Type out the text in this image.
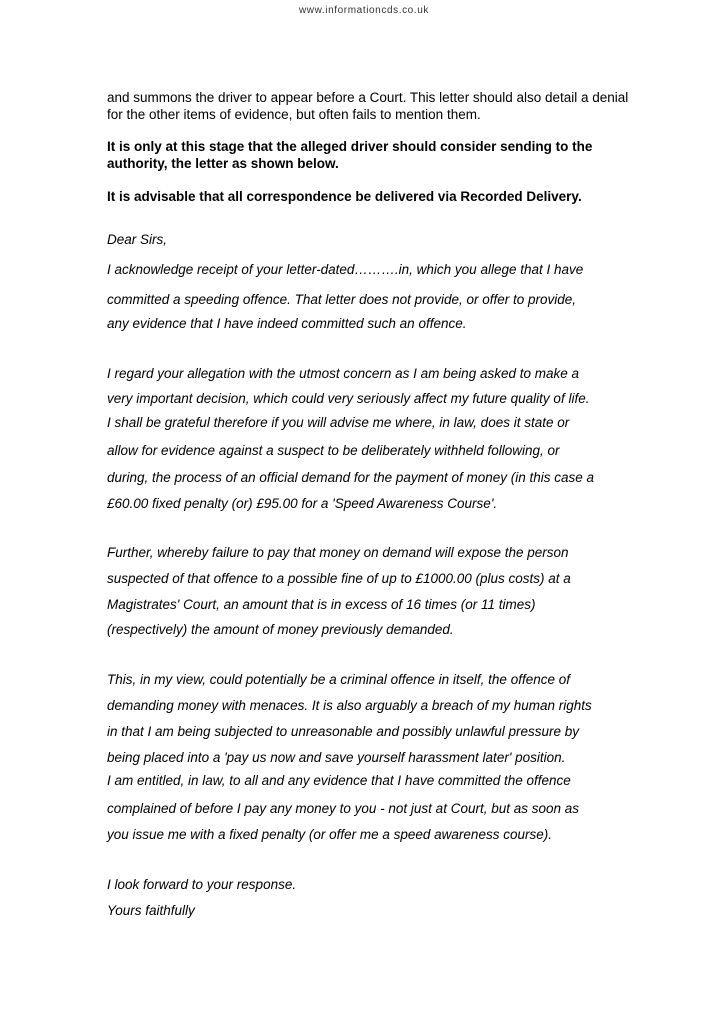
www.informationcds.co.uk

and summons the driver to appear before a Court. This letter should also detail a denial for the other items of evidence, but often fails to mention them.

It is only at this stage that the alleged driver should consider sending to the authority, the letter as shown below.

It is advisable that all correspondence be delivered via Recorded Delivery.

Dear Sirs,
I acknowledge receipt of your letter-dated……….in, which you allege that I have
committed a speeding offence. That letter does not provide, or offer to provide,
any evidence that I have indeed committed such an offence.
I regard your allegation with the utmost concern as I am being asked to make a
very important decision, which could very seriously affect my future quality of life.
I shall be grateful therefore if you will advise me where, in law, does it state or
allow for evidence against a suspect to be deliberately withheld following, or
during, the process of an official demand for the payment of money (in this case a
£60.00 fixed penalty (or) £95.00 for a 'Speed Awareness Course'.
Further, whereby failure to pay that money on demand will expose the person
suspected of that offence to a possible fine of up to £1000.00 (plus costs) at a
Magistrates' Court, an amount that is in excess of 16 times (or 11 times)
(respectively) the amount of money previously demanded.
This, in my view, could potentially be a criminal offence in itself, the offence of
demanding money with menaces. It is also arguably a breach of my human rights
in that I am being subjected to unreasonable and possibly unlawful pressure by
being placed into a 'pay us now and save yourself harassment later' position.
I am entitled, in law, to all and any evidence that I have committed the offence
complained of before I pay any money to you - not just at Court, but as soon as
you issue me with a fixed penalty (or offer me a speed awareness course).
I look forward to your response.
Yours faithfully
